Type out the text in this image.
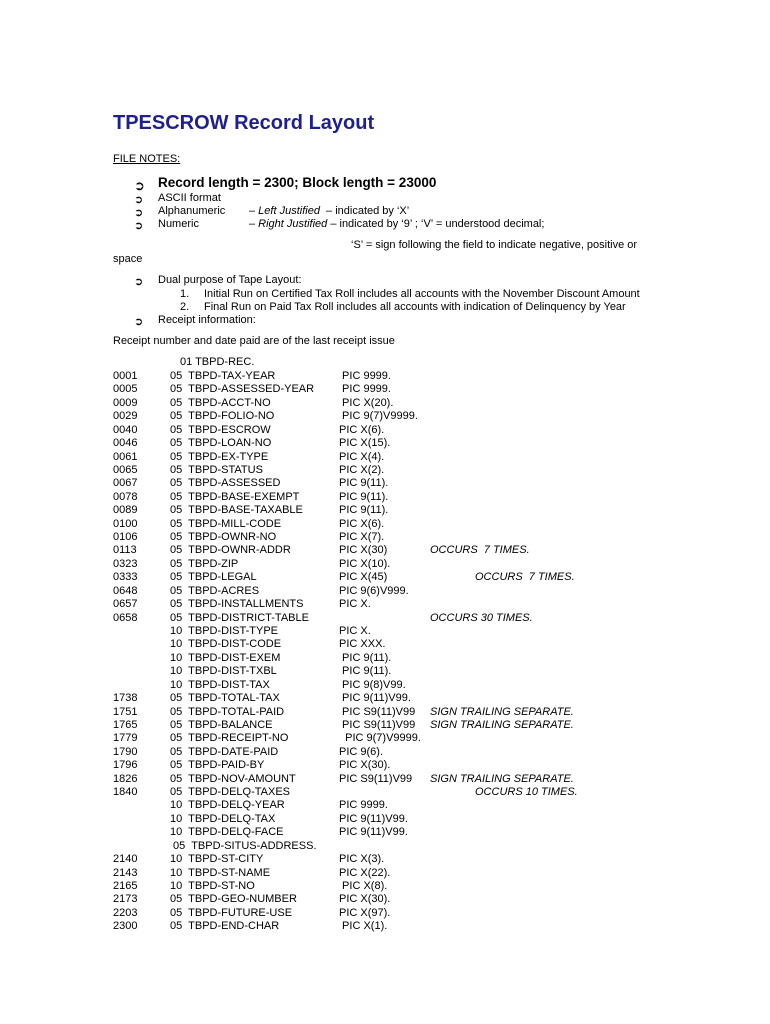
TPESCROW Record Layout
FILE NOTES:
➲ Record length = 2300; Block length = 23000
➲ ASCII format
➲ Alphanumeric – Left Justified  – indicated by ‘X’
➲ Numeric	– Right Justified – indicated by ‘9’ ; ‘V’ = understood decimal;
‘S’ = sign following the field to indicate negative, positive or
space
➲ Dual purpose of Tape Layout:
1. Initial Run on Certified Tax Roll includes all accounts with the November Discount Amount
2. Final Run on Paid Tax Roll includes all accounts with indication of Delinquency by Year
➲ Receipt information:
Receipt number and date paid are of the last receipt issue
01 TBPD-REC.
0001	05  TBPD-TAX-YEAR	PIC 9999.
0005	05  TBPD-ASSESSED-YEAR PIC 9999.
0009	05  TBPD-ACCT-NO	PIC X(20).
0029	05  TBPD-FOLIO-NO	PIC 9(7)V9999.
0040	05  TBPD-ESCROW	PIC X(6).
0046	05  TBPD-LOAN-NO	PIC X(15).
0061	05  TBPD-EX-TYPE	PIC X(4).
0065	05  TBPD-STATUS	PIC X(2).
0067	05  TBPD-ASSESSED	PIC 9(11).
0078	05  TBPD-BASE-EXEMPT	PIC 9(11).
0089	05  TBPD-BASE-TAXABLE	PIC 9(11).
0100	05  TBPD-MILL-CODE	PIC X(6).
0106	05  TBPD-OWNR-NO	PIC X(7).
0113	05  TBPD-OWNR-ADDR	PIC X(30)	OCCURS  7 TIMES.
0323	05  TBPD-ZIP	PIC X(10).
0333	05  TBPD-LEGAL	PIC X(45)	OCCURS  7 TIMES.
0648	05  TBPD-ACRES	PIC 9(6)V999.
0657	05  TBPD-INSTALLMENTS	PIC X.
0658	05  TBPD-DISTRICT-TABLE	OCCURS 30 TIMES.
10  TBPD-DIST-TYPE	PIC X.
10  TBPD-DIST-CODE	PIC XXX.
10  TBPD-DIST-EXEM	PIC 9(11).
10  TBPD-DIST-TXBL	PIC 9(11).
10  TBPD-DIST-TAX	PIC 9(8)V99.
1738	05  TBPD-TOTAL-TAX	PIC 9(11)V99.
1751	05  TBPD-TOTAL-PAID	PIC S9(11)V99 SIGN TRAILING SEPARATE.
1765	05  TBPD-BALANCE	PIC S9(11)V99 SIGN TRAILING SEPARATE.
1779	05  TBPD-RECEIPT-NO	PIC 9(7)V9999.
1790	05  TBPD-DATE-PAID	PIC 9(6).
1796	05  TBPD-PAID-BY	PIC X(30).
1826	05  TBPD-NOV-AMOUNT	PIC S9(11)V99 SIGN TRAILING SEPARATE.
1840	05  TBPD-DELQ-TAXES	OCCURS 10 TIMES.
10  TBPD-DELQ-YEAR	PIC 9999.
10  TBPD-DELQ-TAX	PIC 9(11)V99.
10  TBPD-DELQ-FACE	PIC 9(11)V99.
05  TBPD-SITUS-ADDRESS.
2140	10  TBPD-ST-CITY	PIC X(3).
2143	10  TBPD-ST-NAME	PIC X(22).
2165	10  TBPD-ST-NO	PIC X(8).
2173	05  TBPD-GEO-NUMBER	PIC X(30).
2203	05  TBPD-FUTURE-USE	PIC X(97).
2300	05  TBPD-END-CHAR	PIC X(1).
